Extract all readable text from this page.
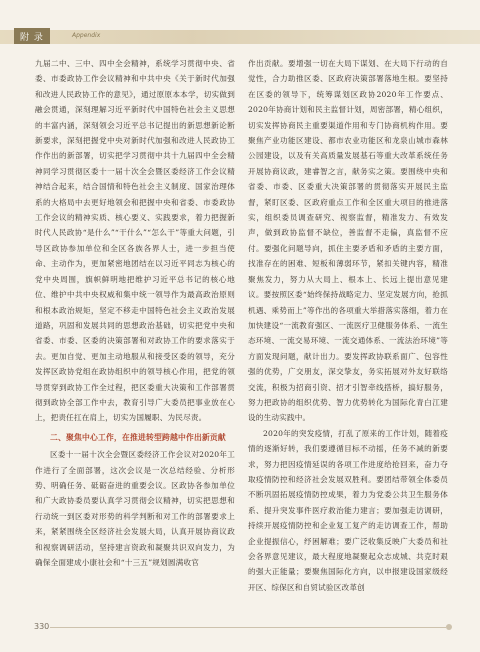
附 录	Appendix

九届二中、三中、四中全会精神，系统学习贯彻中央、省委、市委政协工作会议精神和中共中央《关于新时代加强和改进人民政协工作的意见》，通过原原本本学，切实做到融会贯通，深刻理解习近平新时代中国特色社会主义思想的丰富内涵，深刻领会习近平总书记提出的新思想新论断新要求，深刻把握党中央对新时代加强和改进人民政协工作作出的新部署，切实把学习贯彻中共十九届四中全会精神同学习贯彻区委十一届十次全会暨区委经济工作会议精神结合起来，结合国情和特色社会主义制度、国家治理体系的大格局中去更好地领会和把握中央和省委、市委政协工作会议的精神实质、核心要义、实践要求，着力把握新时代人民政协“是什么”“干什么”“怎么干”等重大问题，引导区政协参加单位和全区各族各界人士，进一步担当使命、主动作为，更加紧密地团结在以习近平同志为核心的党中央周围，旗帜鲜明地把维护习近平总书记的核心地位、维护中共中央权威和集中统一领导作为最高政治原则和根本政治规矩，坚定不移走中国特色社会主义政治发展道路，巩固和发展共同的思想政治基础，切实把党中央和省委、市委、区委的决策部署和对政协工作的要求落实于去。更加自觉、更加主动地服从和接受区委的领导，充分发挥区政协党组在政协组织中的领导核心作用，把党的领导贯穿到政协工作全过程，把区委重大决策和工作部署贯彻到政协全部工作中去，教育引导广大委员把事业放在心上，把责任扛在肩上，切实为国履职、为民尽责。

二、聚焦中心工作，在推进转型跨越中作出新贡献

区委十一届十次全会暨区委经济工作会议对2020年工作进行了全面部署，这次会议是一次总结经验、分析形势、明确任务、砥砺奋进的重要会议。区政协各参加单位和广大政协委员要认真学习贯彻会议精神，切实把思想和行动统一到区委对形势的科学判断和对工作的部署要求上来，紧紧围绕全区经济社会发展大局，认真开展协商议政和视察调研活动，坚持建言资政和凝聚共识双向发力，为确保全面建成小康社会和“十三五”规划圆满收官

作出贡献。要增强一切在大局下谋划、在大局下行动的自觉性，合力助推区委、区政府决策部署落地生根。要坚持在区委的领导下，统筹谋划区政协2020年工作要点、2020年协商计划和民主监督计划，周密部署，精心组织，切实发挥协商民主重要渠道作用和专门协商机构作用。要聚焦产业功能区建设、都市农业功能区和龙泉山城市森林公园建设，以及有关高质量发展基石等重大改革系统任务开展协商议政，建睿智之言，献务实之策。要围绕中央和省委、市委、区委重大决策部署的贯彻落实开展民主监督，紧盯区委、区政府重点工作和全区重大项目的推进落实，组织委员调查研究、视察监督，精准发力、有效发声，做到政协监督不缺位，善监督不走偏，真监督不应付。要强化问题导向，抓住主要矛盾和矛盾的主要方面，找准存在的困难、短板和薄弱环节，紧扣关键内容，精准聚焦发力，努力从大局上、根本上、长远上提出意见建议。要按照区委“始终保持战略定力、坚定发展方向，抢抓机遇、乘势而上”等作出的各项重大举措落实落细，着力在加快建设“一流教育强区、一流医疗卫健服务体系、一流生态环境、一流交易环境、一流交通体系、一流法治环境”等方面发现问题，献计出力。要发挥政协联系面广、包容性强的优势，广交朋友，深交挚友，务实拓展对外友好联络交流，积极为招商引资、招才引智牵线搭桥，搞好服务，努力把政协的组织优势、智力优势转化为国际化青白江建设的生动实践中。

2020年的突发疫情，打乱了原来的工作计划，随着疫情的逐渐好转，我们要遵循目标不动摇，任务不减的新要求，努力把因疫情延误的各项工作进度给抢回来，奋力夺取疫情防控和经济社会发展双胜利。要团结带领全体委员不断巩固拓展疫情防控成果，着力为党委公共卫生服务体系、提升突发事件医疗救治能力建言；要加强走访调研，持续开展疫情防控和企业复工复产的走访调查工作，帮助企业提振信心，纾困解难；要广泛收集反映广大委员和社会各界意见建议，最大程度地凝聚起众志成城、共克时艰的强大正能量；要聚焦国际化方向，以申报建设国家级经开区、综保区和自贸试验区改革创

330
